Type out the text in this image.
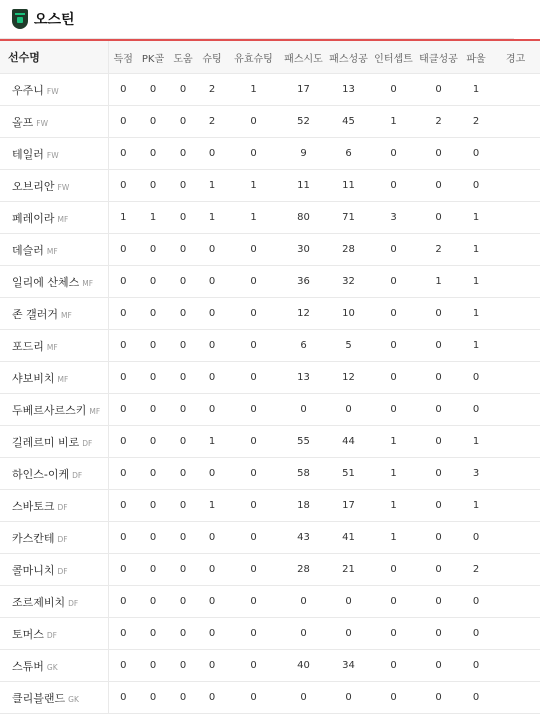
오스틴
선수명	득점	PK골	도움	슈팅	유효슈팅	패스시도	패스성공	인터셉트	태클성공	파울	경고
우주니 FW	0	0	0	2	1	17	13	0	0	1	
올프 FW	0	0	0	2	0	52	45	1	2	2	
테일러 FW	0	0	0	0	0	9	6	0	0	0	
오브리안 FW	0	0	0	1	1	11	11	0	0	0	
페레이라 MF	1	1	0	1	1	80	71	3	0	1	
데슬러 MF	0	0	0	0	0	30	28	0	2	1	
일리에 산체스 MF	0	0	0	0	0	36	32	0	1	1	
존 갤러거 MF	0	0	0	0	0	12	10	0	0	1	
포드리 MF	0	0	0	0	0	6	5	0	0	1	
샤보비치 MF	0	0	0	0	0	13	12	0	0	0	
두베르사르스키 MF	0	0	0	0	0	0	0	0	0	0	
길레르미 비로 DF	0	0	0	1	0	55	44	1	0	1	
하인스-이케 DF	0	0	0	0	0	58	51	1	0	3	
스바토크 DF	0	0	0	1	0	18	17	1	0	1	
카스칸테 DF	0	0	0	0	0	43	41	1	0	0	
콜마니치 DF	0	0	0	0	0	28	21	0	0	2	
조르제비치 DF	0	0	0	0	0	0	0	0	0	0	
토머스 DF	0	0	0	0	0	0	0	0	0	0	
스튜버 GK	0	0	0	0	0	40	34	0	0	0	
클리블랜드 GK	0	0	0	0	0	0	0	0	0	0	
